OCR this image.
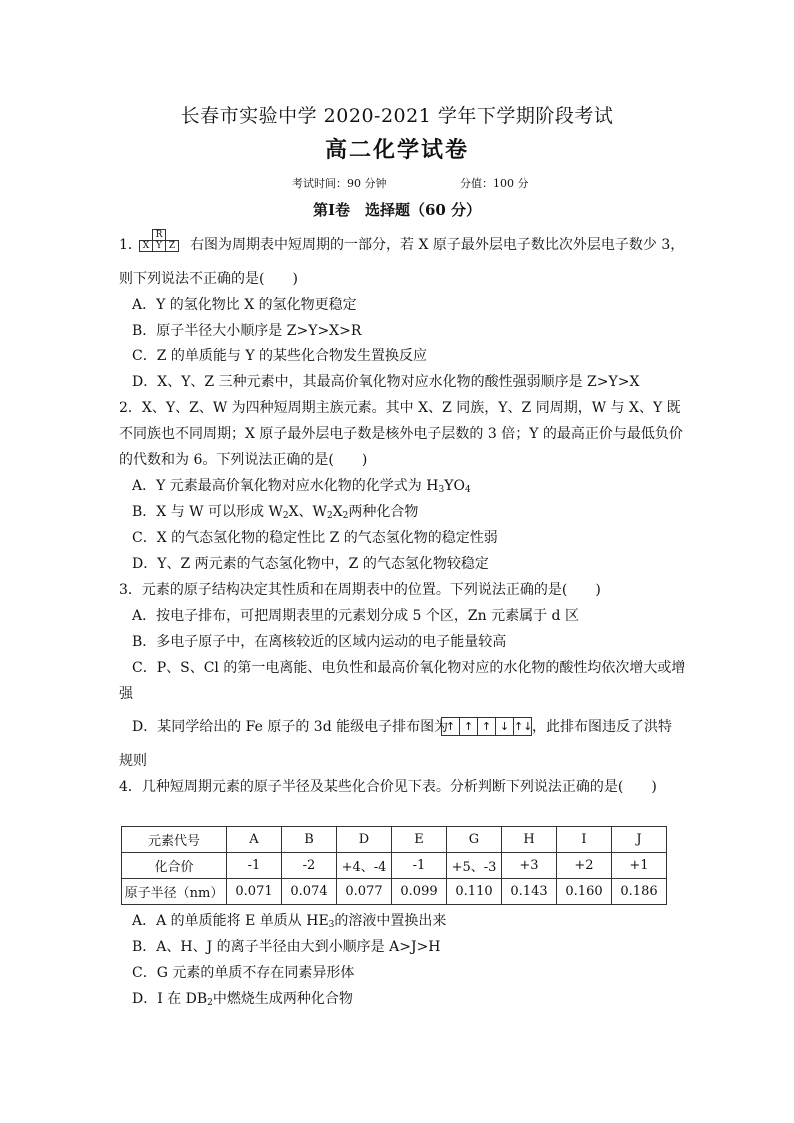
长春市实验中学 2020-2021 学年下学期阶段考试
高二化学试卷
考试时间：90 分钟	分值：100 分
第Ⅰ卷　选择题（60 分）
1．
	R	
X	Y	Z 右图为周期表中短周期的一部分，若 X 原子最外层电子数比次外层电子数少 3，
则下列说法不正确的是(　　)
A．Y 的氢化物比 X 的氢化物更稳定
B．原子半径大小顺序是 Z>Y>X>R
C．Z 的单质能与 Y 的某些化合物发生置换反应
D．X、Y、Z 三种元素中，其最高价氧化物对应水化物的酸性强弱顺序是 Z>Y>X
2．X、Y、Z、W 为四种短周期主族元素。其中 X、Z 同族，Y、Z 同周期，W 与 X、Y 既
不同族也不同周期；X 原子最外层电子数是核外电子层数的 3 倍；Y 的最高正价与最低负价
的代数和为 6。下列说法正确的是(　　)
A．Y 元素最高价氧化物对应水化物的化学式为 $H_3YO_4$
B．X 与 W 可以形成 $W_2X$、$W_2X_2$两种化合物
C．X 的气态氢化物的稳定性比 Z 的气态氢化物的稳定性弱
D．Y、Z 两元素的气态氢化物中，Z 的气态氢化物较稳定
3．元素的原子结构决定其性质和在周期表中的位置。下列说法正确的是(　　)
A．按电子排布，可把周期表里的元素划分成 5 个区，Zn 元素属于 d 区
B．多电子原子中，在离核较近的区域内运动的电子能量较高
C．P、S、Cl 的第一电离能、电负性和最高价氧化物对应的水化物的酸性均依次增大或增
强
D．某同学给出的 Fe 原子的 3d 能级电子排布图为
↑ ↑ ↑ ↓ ↑↓ ，此排布图违反了洪特
规则
4．几种短周期元素的原子半径及某些化合价见下表。分析判断下列说法正确的是(　　)
元素代号	A	B	D	E	G	H	I	J
化合价	-1	-2	+4、-4	-1	+5、-3	+3	+2	+1
原子半径（nm）	0.071	0.074	0.077	0.099	0.110	0.143	0.160	0.186
A．A 的单质能将 E 单质从 $HE_3$的溶液中置换出来
B．A、H、J 的离子半径由大到小顺序是 A>J>H
C．G 元素的单质不存在同素异形体
D．I 在 $DB_2$中燃烧生成两种化合物
